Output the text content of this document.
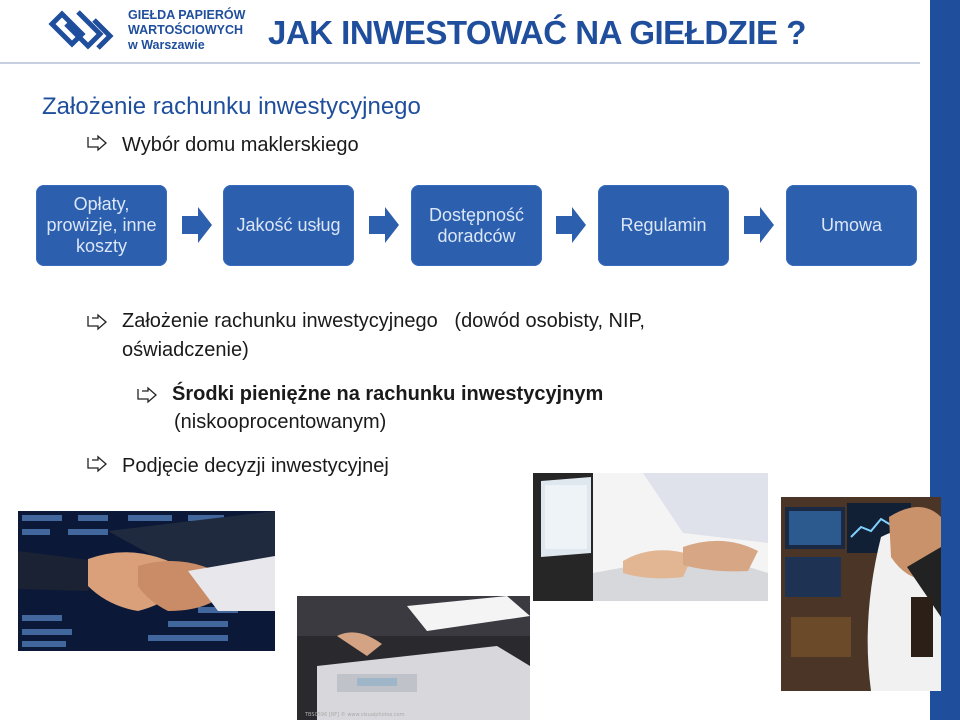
GIEŁDA PAPIERÓW
WARTOŚCIOWYCH
w Warszawie	JAK INWESTOWAĆ NA GIEŁDZIE ?
Założenie rachunku inwestycyjnego
Wybór domu maklerskiego
Opłaty, prowizje, inne koszty
Jakość usług
Dostępność doradców
Regulamin	Umowa
Założenie rachunku inwestycyjnego   (dowód osobisty, NIP, oświadczenie)
Środki pieniężne na rachunku inwestycyjnym
(niskooprocentowanym)
Podjęcie decyzji inwestycyjnej
TBS0596 [RF] © www.visualphotos.com
